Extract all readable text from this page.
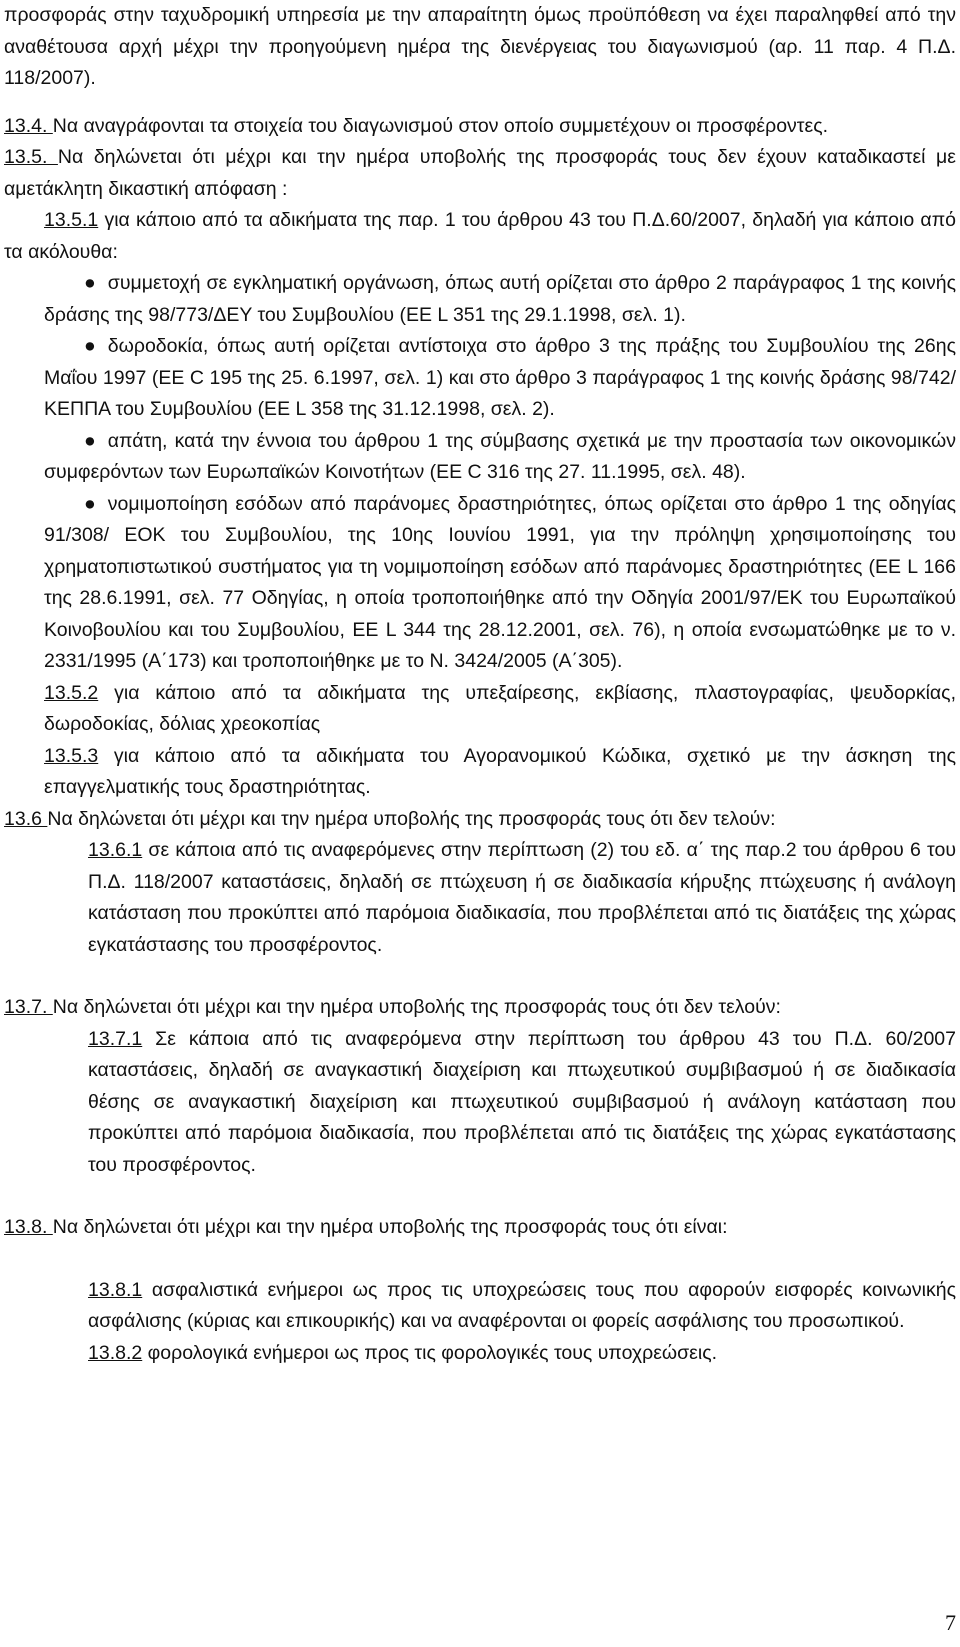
προσφοράς στην ταχυδρομική υπηρεσία με την απαραίτητη όμως προϋπόθεση να έχει παραληφθεί από την αναθέτουσα αρχή μέχρι την προηγούμενη ημέρα της διενέργειας του διαγωνισμού (αρ. 11 παρ. 4 Π.Δ. 118/2007).

13.4. Να αναγράφονται τα στοιχεία του διαγωνισμού στον οποίο συμμετέχουν οι προσφέροντες.

13.5. Να δηλώνεται ότι μέχρι και την ημέρα υποβολής της προσφοράς τους δεν έχουν καταδικαστεί με αμετάκλητη δικαστική απόφαση :

13.5.1 για κάποιο από τα αδικήματα της παρ. 1 του άρθρου 43 του Π.Δ.60/2007, δηλαδή για κάποιο από τα ακόλουθα:

● συμμετοχή σε εγκληματική οργάνωση, όπως αυτή ορίζεται στο άρθρο 2 παράγραφος 1 της κοινής δράσης της 98/773/ΔΕΥ του Συμβουλίου (ΕΕ L 351 της 29.1.1998, σελ. 1).

● δωροδοκία, όπως αυτή ορίζεται αντίστοιχα στο άρθρο 3 της πράξης του Συμβουλίου της 26ης Μαΐου 1997 (ΕΕ C 195 της 25. 6.1997, σελ. 1) και στο άρθρο 3 παράγραφος 1 της κοινής δράσης 98/742/ΚΕΠΠΑ του Συμβουλίου (ΕΕ L 358 της 31.12.1998, σελ. 2).

● απάτη, κατά την έννοια του άρθρου 1 της σύμβασης σχετικά με την προστασία των οικονομικών συμφερόντων των Ευρωπαϊκών Κοινοτήτων (ΕΕ C 316 της 27. 11.1995, σελ. 48).

● νομιμοποίηση εσόδων από παράνομες δραστηριότητες, όπως ορίζεται στο άρθρο 1 της οδηγίας 91/308/ ΕΟΚ του Συμβουλίου, της 10ης Ιουνίου 1991, για την πρόληψη χρησιμοποίησης του χρηματοπιστωτικού συστήματος για τη νομιμοποίηση εσόδων από παράνομες δραστηριότητες (ΕΕ L 166 της 28.6.1991, σελ. 77 Οδηγίας, η οποία τροποποιήθηκε από την Οδηγία 2001/97/ΕΚ του Ευρωπαϊκού Κοινοβουλίου και του Συμβουλίου, ΕΕ L 344 της 28.12.2001, σελ. 76), η οποία ενσωματώθηκε με το ν. 2331/1995 (Α΄173) και τροποποιήθηκε με το Ν. 3424/2005 (Α΄305).

13.5.2 για κάποιο από τα αδικήματα της υπεξαίρεσης, εκβίασης, πλαστογραφίας, ψευδορκίας, δωροδοκίας, δόλιας χρεοκοπίας

13.5.3 για κάποιο από τα αδικήματα του Αγορανομικού Κώδικα, σχετικό με την άσκηση της επαγγελματικής τους δραστηριότητας.

13.6 Να δηλώνεται ότι μέχρι και την ημέρα υποβολής της προσφοράς τους ότι δεν τελούν:

13.6.1 σε κάποια από τις αναφερόμενες στην περίπτωση (2) του εδ. α΄ της παρ.2 του άρθρου 6 του Π.Δ. 118/2007 καταστάσεις, δηλαδή σε πτώχευση ή σε διαδικασία κήρυξης πτώχευσης ή ανάλογη κατάσταση που προκύπτει από παρόμοια διαδικασία, που προβλέπεται από τις διατάξεις της χώρας εγκατάστασης του προσφέροντος.

13.7. Να δηλώνεται ότι μέχρι και την ημέρα υποβολής της προσφοράς τους ότι δεν τελούν:

13.7.1 Σε κάποια από τις αναφερόμενα στην περίπτωση του άρθρου 43 του Π.Δ. 60/2007 καταστάσεις, δηλαδή σε αναγκαστική διαχείριση και πτωχευτικού συμβιβασμού ή σε διαδικασία θέσης σε αναγκαστική διαχείριση και πτωχευτικού συμβιβασμού ή ανάλογη κατάσταση που προκύπτει από παρόμοια διαδικασία, που προβλέπεται από τις διατάξεις της χώρας εγκατάστασης του προσφέροντος.

13.8. Να δηλώνεται ότι μέχρι και την ημέρα υποβολής της προσφοράς τους ότι είναι:

13.8.1 ασφαλιστικά ενήμεροι ως προς τις υποχρεώσεις τους που αφορούν εισφορές κοινωνικής ασφάλισης (κύριας και επικουρικής) και να αναφέρονται οι φορείς ασφάλισης του προσωπικού.

13.8.2 φορολογικά ενήμεροι ως προς τις φορολογικές τους υποχρεώσεις.

7
